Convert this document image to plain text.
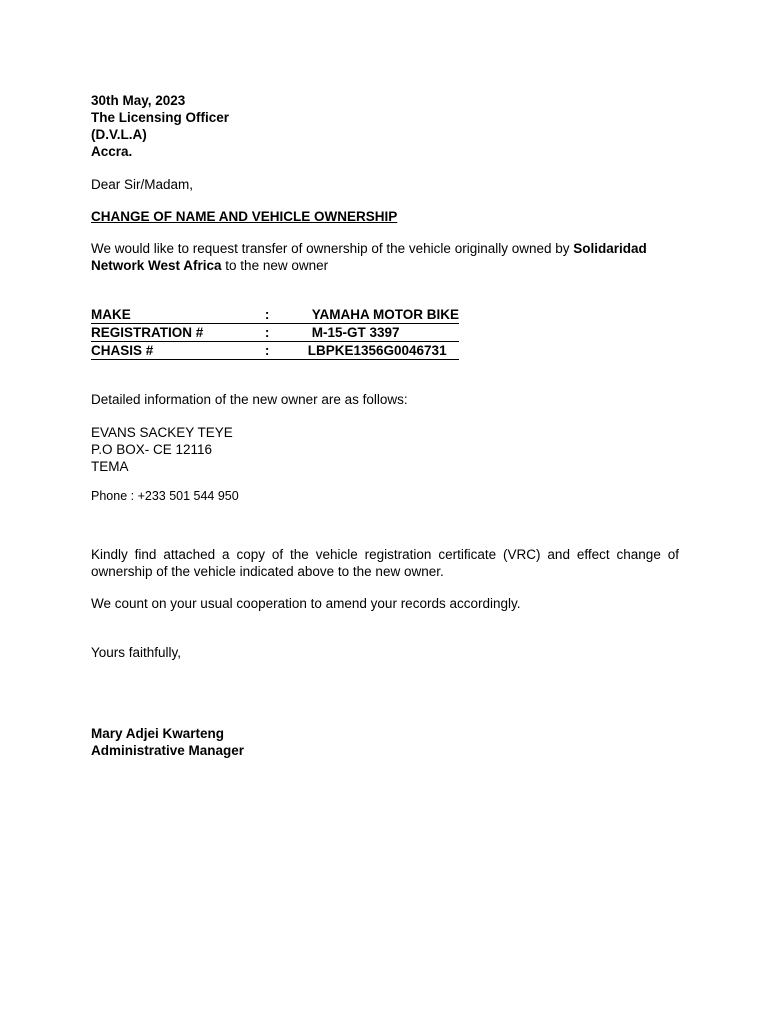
30th May, 2023
The Licensing Officer
(D.V.L.A)
Accra.
Dear Sir/Madam,
CHANGE OF NAME AND VEHICLE OWNERSHIP

We would like to request transfer of ownership of the vehicle originally owned by Solidaridad Network West Africa to the new owner

MAKE	:	YAMAHA MOTOR BIKE
REGISTRATION #	:	M-15-GT 3397
CHASIS #	:	LBPKE1356G0046731
Detailed information of the new owner are as follows:
EVANS SACKEY TEYE
P.O BOX- CE 12116
TEMA
Phone : +233 501 544 950

Kindly find attached a copy of the vehicle registration certificate (VRC) and effect change of ownership of the vehicle indicated above to the new owner.

We count on your usual cooperation to amend your records accordingly.

Yours faithfully,
Mary Adjei Kwarteng
Administrative Manager
